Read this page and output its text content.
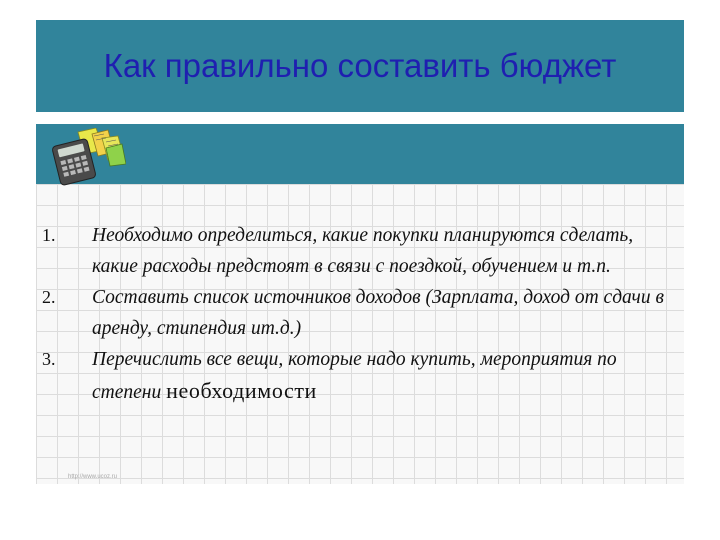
Как правильно составить бюджет
1. Необходимо определиться, какие покупки планируются сделать, какие расходы предстоят в связи с поездкой, обучением и т.п.
2. Составить список источников доходов (Зарплата, доход от сдачи в аренду, стипендия ит.д.)
3. Перечислить все вещи, которые надо купить, мероприятия по степени необходимости
http://www.ucoz.ru
